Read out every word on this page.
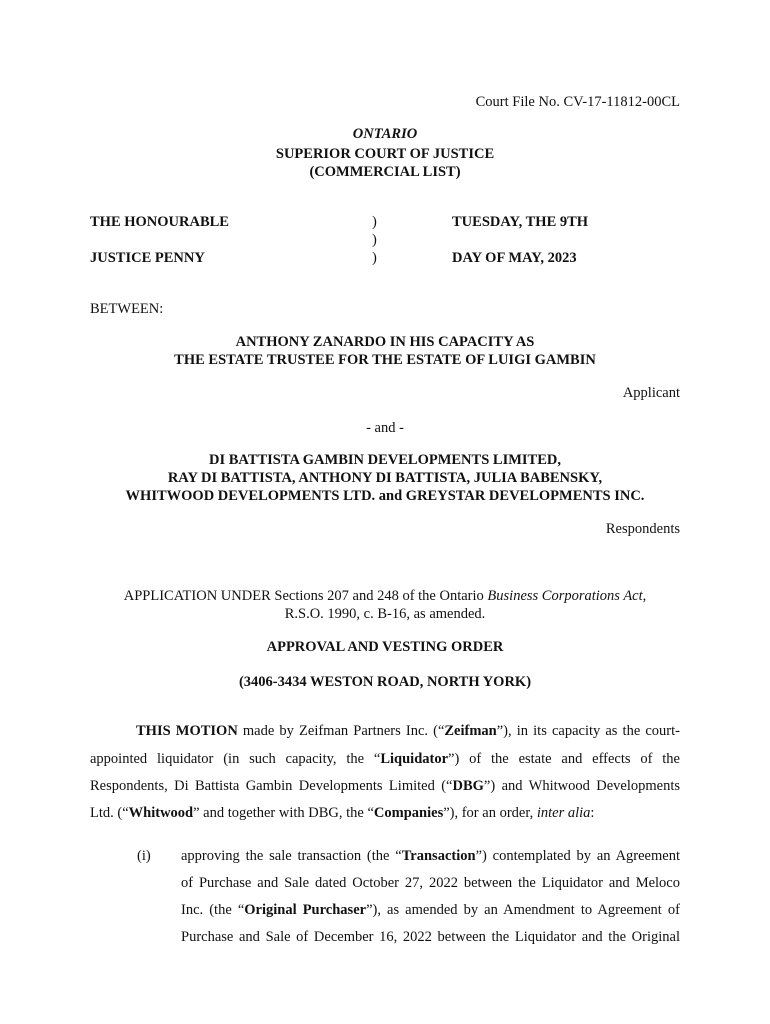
Court File No. CV-17-11812-00CL
ONTARIO
SUPERIOR COURT OF JUSTICE
(COMMERCIAL LIST)
THE HONOURABLE
JUSTICE PENNY
)
)
)
TUESDAY, THE 9TH
DAY OF MAY, 2023
BETWEEN:
ANTHONY ZANARDO IN HIS CAPACITY AS
THE ESTATE TRUSTEE FOR THE ESTATE OF LUIGI GAMBIN
Applicant
- and -
DI BATTISTA GAMBIN DEVELOPMENTS LIMITED,
RAY DI BATTISTA, ANTHONY DI BATTISTA, JULIA BABENSKY,
WHITWOOD DEVELOPMENTS LTD. and GREYSTAR DEVELOPMENTS INC.
Respondents
APPLICATION UNDER Sections 207 and 248 of the Ontario Business Corporations Act,
R.S.O. 1990, c. B-16, as amended.
APPROVAL AND VESTING ORDER
(3406-3434 WESTON ROAD, NORTH YORK)
THIS MOTION made by Zeifman Partners Inc. (“Zeifman”), in its capacity as the court-
appointed liquidator (in such capacity, the “Liquidator”) of the estate and effects of the
Respondents, Di Battista Gambin Developments Limited (“DBG”) and Whitwood Developments
Ltd. (“Whitwood” and together with DBG, the “Companies”), for an order, inter alia:
(i) approving the sale transaction (the “Transaction”) contemplated by an Agreement
of Purchase and Sale dated October 27, 2022 between the Liquidator and Meloco
Inc. (the “Original Purchaser”), as amended by an Amendment to Agreement of
Purchase and Sale of December 16, 2022 between the Liquidator and the Original
